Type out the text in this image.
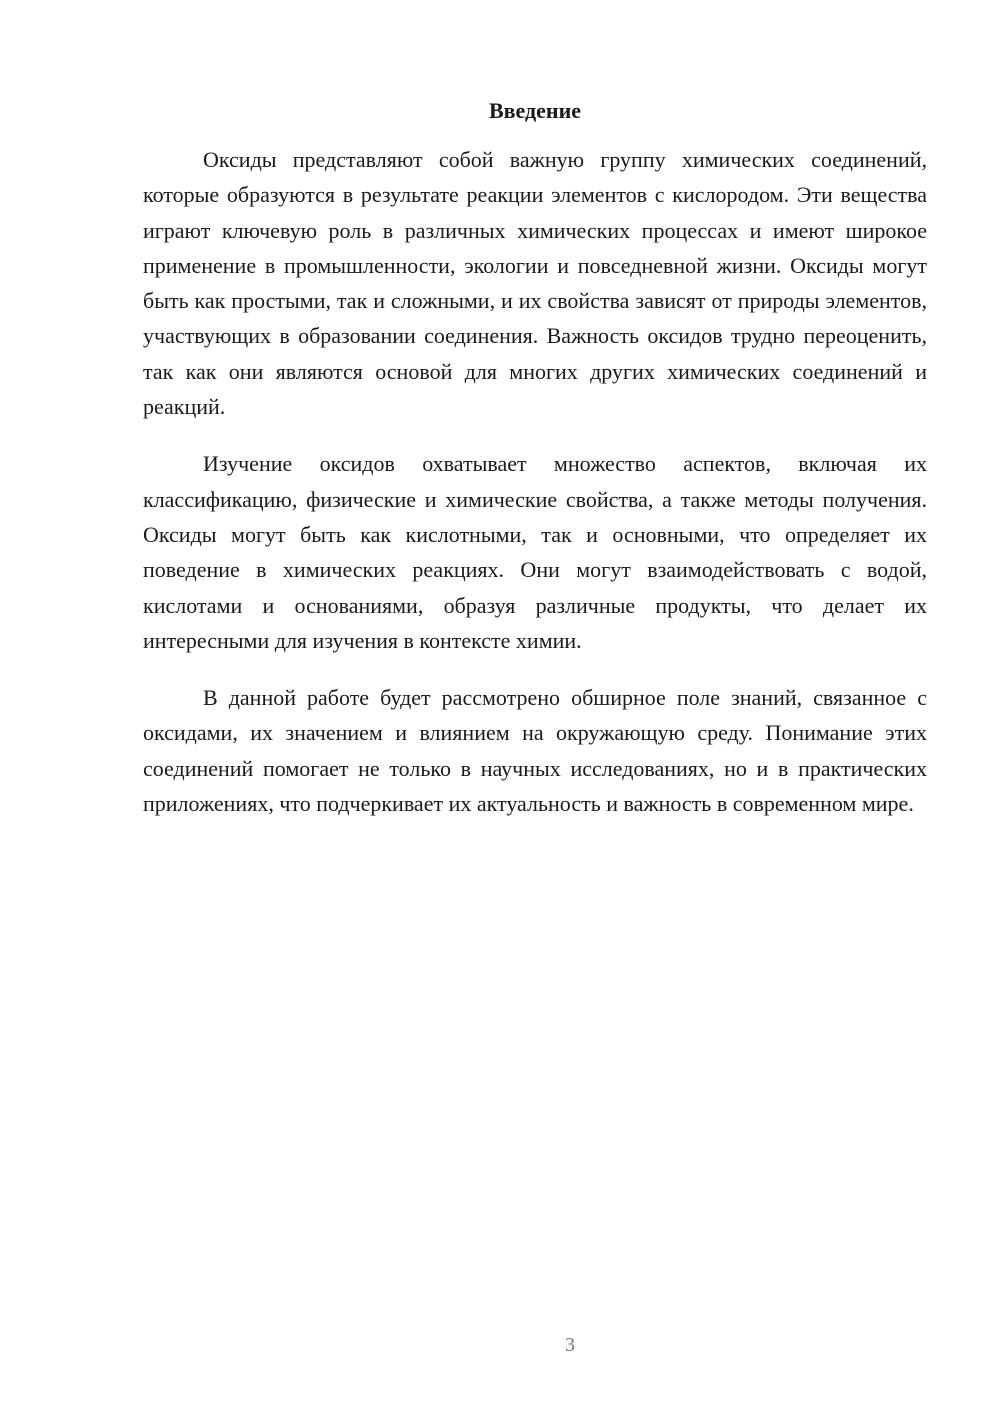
Введение

Оксиды представляют собой важную группу химических соединений, которые образуются в результате реакции элементов с кислородом. Эти вещества играют ключевую роль в различных химических процессах и имеют широкое применение в промышленности, экологии и повседневной жизни. Оксиды могут быть как простыми, так и сложными, и их свойства зависят от природы элементов, участвующих в образовании соединения. Важность оксидов трудно переоценить, так как они являются основой для многих других химических соединений и реакций.

Изучение оксидов охватывает множество аспектов, включая их классификацию, физические и химические свойства, а также методы получения. Оксиды могут быть как кислотными, так и основными, что определяет их поведение в химических реакциях. Они могут взаимодействовать с водой, кислотами и основаниями, образуя различные продукты, что делает их интересными для изучения в контексте химии.

В данной работе будет рассмотрено обширное поле знаний, связанное с оксидами, их значением и влиянием на окружающую среду. Понимание этих соединений помогает не только в научных исследованиях, но и в практических приложениях, что подчеркивает их актуальность и важность в современном мире.

3
